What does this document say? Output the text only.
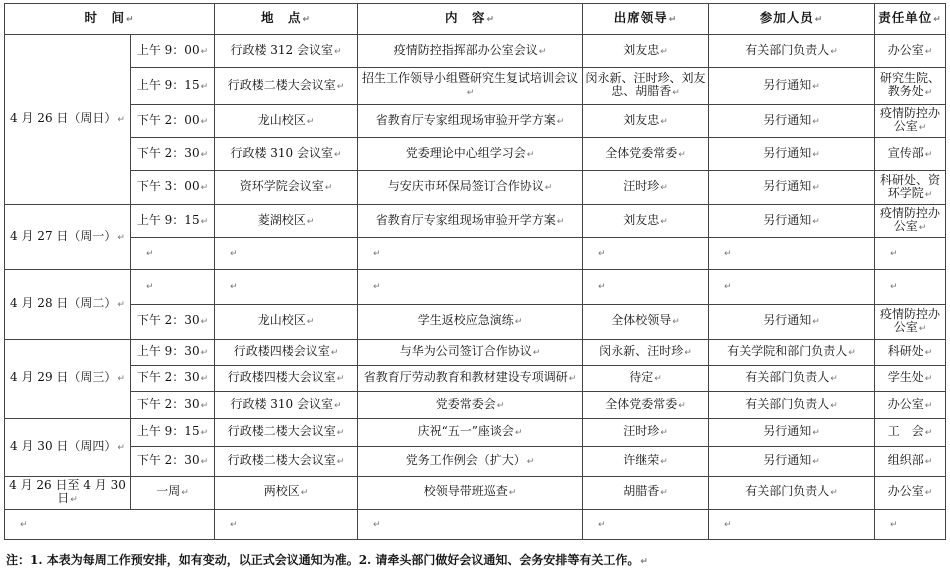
时　间↵		地　点↵	内　容↵	出席领导↵	参加人员↵	责任单位↵
4 月 26 日（周日）↵	上午 9：00↵	行政楼 312 会议室↵	疫情防控指挥部办公室会议↵	刘友忠↵	有关部门负责人↵	办公室↵
	上午 9：15↵	行政楼二楼大会议室↵	招生工作领导小组暨研究生复试培训会议↵	闵永新、汪时珍、刘友忠、胡腊香↵	另行通知↵	研究生院、教务处↵
	下午 2：00↵	龙山校区↵	省教育厅专家组现场审验开学方案↵	刘友忠↵	另行通知↵	疫情防控办公室↵
	下午 2：30↵	行政楼 310 会议室↵	党委理论中心组学习会↵	全体党委常委↵	另行通知↵	宣传部↵
	下午 3：00↵	资环学院会议室↵	与安庆市环保局签订合作协议↵	汪时珍↵	另行通知↵	科研处、资环学院↵
4 月 27 日（周一）↵	上午 9：15↵	菱湖校区↵	省教育厅专家组现场审验开学方案↵	刘友忠↵	另行通知↵	疫情防控办公室↵
	↵	↵	↵	↵	↵	↵
4 月 28 日（周二）↵	↵	↵	↵	↵	↵	↵
	下午 2：30↵	龙山校区↵	学生返校应急演练↵	全体校领导↵	另行通知↵	疫情防控办公室↵
4 月 29 日（周三）↵	上午 9：30↵	行政楼四楼会议室↵	与华为公司签订合作协议↵	闵永新、汪时珍↵	有关学院和部门负责人↵	科研处↵
	下午 2：30↵	行政楼四楼大会议室↵	省教育厅劳动教育和教材建设专项调研↵	待定↵	有关部门负责人↵	学生处↵
	下午 2：30↵	行政楼 310 会议室↵	党委常委会↵	全体党委常委↵	有关部门负责人↵	办公室↵
4 月 30 日（周四）↵	上午 9：15↵	行政楼二楼大会议室↵	庆祝“五一”座谈会↵	汪时珍↵	另行通知↵	工　会↵
	下午 2：30↵	行政楼二楼大会议室↵	党务工作例会（扩大）↵	许继荣↵	另行通知↵	组织部↵
4 月 26 日至 4 月 30 日↵	一周↵	两校区↵	校领导带班巡查↵	胡腊香↵	有关部门负责人↵	办公室↵
↵		↵	↵	↵	↵	↵
注：1. 本表为每周工作预安排，如有变动，以正式会议通知为准。2. 请牵头部门做好会议通知、会务安排等有关工作。↵
